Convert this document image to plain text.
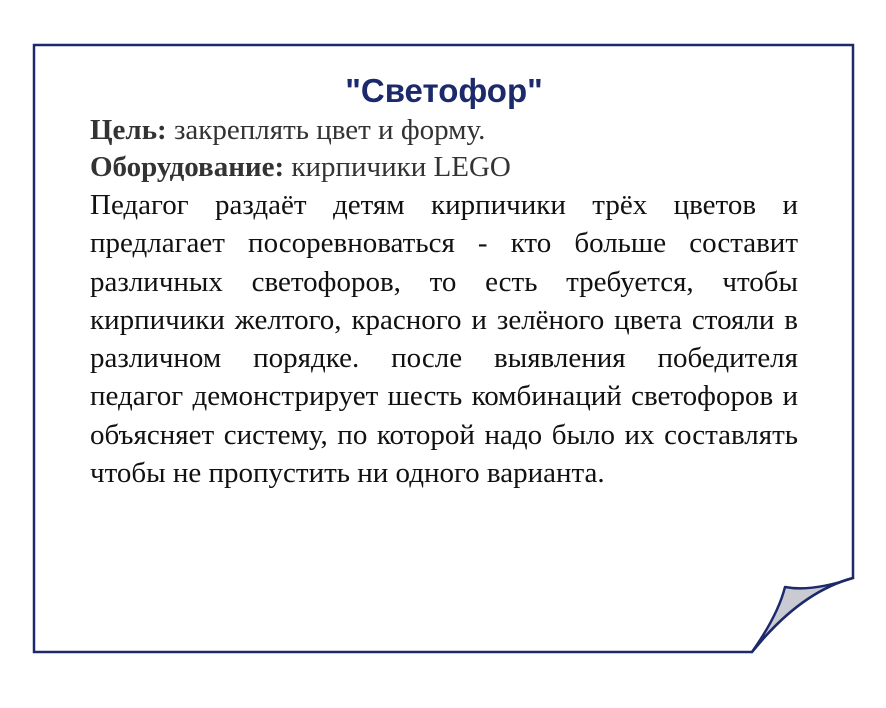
"Светофор"

Цель: закреплять цвет и форму.

Оборудование: кирпичики LEGO

Педагог раздаёт детям кирпичики трёх цветов и предлагает посоревноваться - кто больше составит различных светофоров, то есть требуется, чтобы кирпичики желтого, красного и зелёного цвета стояли в различном порядке. после выявления победителя педагог демонстрирует шесть комбинаций светофоров и объясняет систему, по которой надо было их составлять чтобы не пропустить ни одного варианта.
